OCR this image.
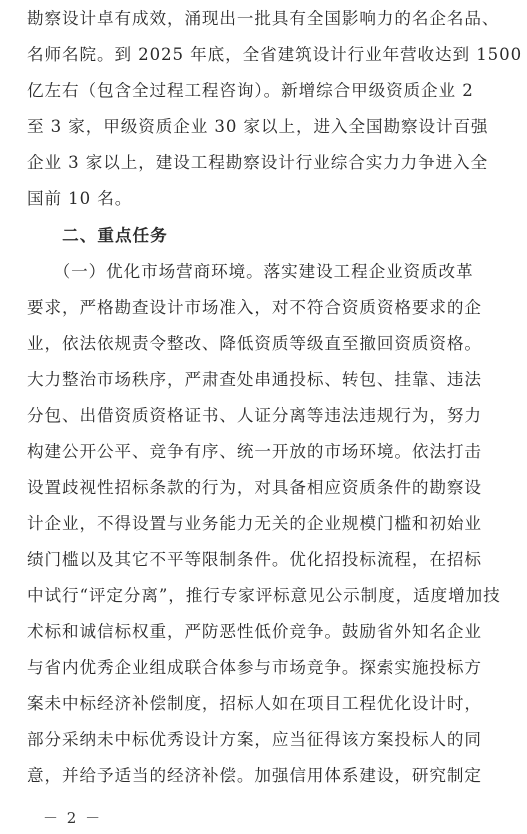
勘察设计卓有成效，涌现出一批具有全国影响力的名企名品、
名师名院。到 2025 年底，全省建筑设计行业年营收达到 1500
亿左右（包含全过程工程咨询）。新增综合甲级资质企业 2
至 3 家，甲级资质企业 30 家以上，进入全国勘察设计百强
企业 3 家以上，建设工程勘察设计行业综合实力力争进入全
国前 10 名。
　　二、重点任务
　　（一）优化市场营商环境。落实建设工程企业资质改革
要求，严格勘查设计市场准入，对不符合资质资格要求的企
业，依法依规责令整改、降低资质等级直至撤回资质资格。
大力整治市场秩序，严肃查处串通投标、转包、挂靠、违法
分包、出借资质资格证书、人证分离等违法违规行为，努力
构建公开公平、竞争有序、统一开放的市场环境。依法打击
设置歧视性招标条款的行为，对具备相应资质条件的勘察设
计企业，不得设置与业务能力无关的企业规模门槛和初始业
绩门槛以及其它不平等限制条件。优化招投标流程，在招标
中试行“评定分离”，推行专家评标意见公示制度，适度增加技
术标和诚信标权重，严防恶性低价竞争。鼓励省外知名企业
与省内优秀企业组成联合体参与市场竞争。探索实施投标方
案未中标经济补偿制度，招标人如在项目工程优化设计时，
部分采纳未中标优秀设计方案，应当征得该方案投标人的同
意，并给予适当的经济补偿。加强信用体系建设，研究制定
－ 2 －
